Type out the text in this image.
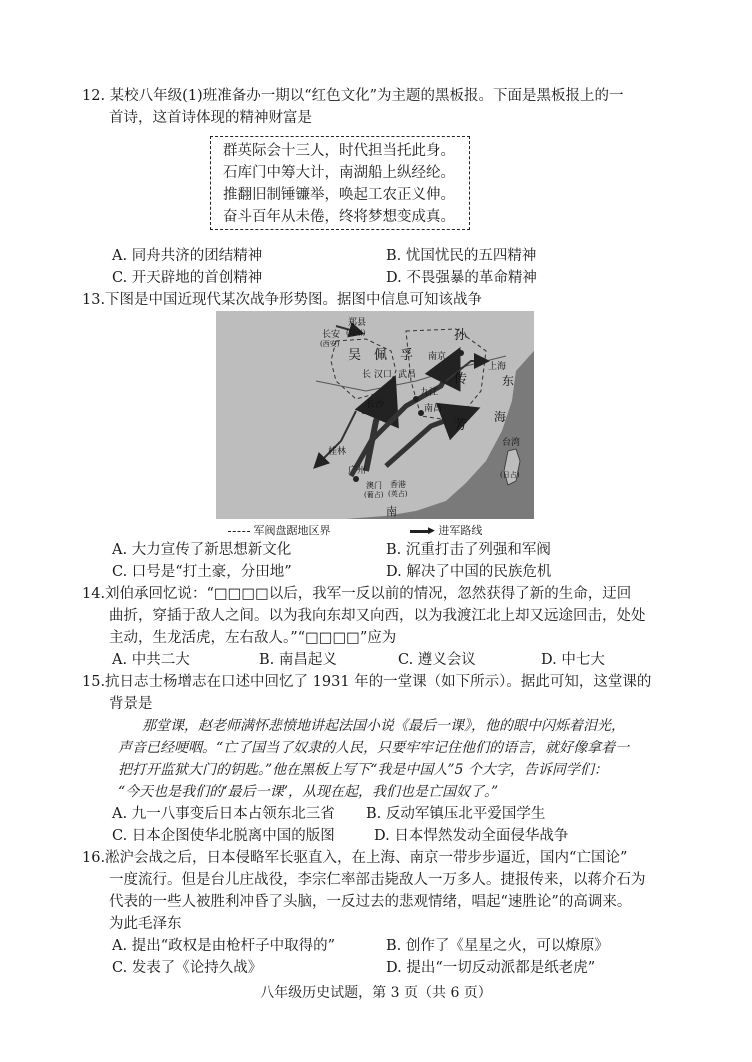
12. 某校八年级(1)班准备办一期以“红色文化”为主题的黑板报。下面是黑板报上的一
首诗，这首诗体现的精神财富是
群英际会十三人，时代担当托此身。
石库门中筹大计，南湖船上纵经纶。
推翻旧制锤镰举，唤起工农正义伸。
奋斗百年从未倦，终将梦想变成真。
A. 同舟共济的团结精神	B. 忧国忧民的五四精神
C. 开天辟地的首创精神	D. 不畏强暴的革命精神
13.下图是中国近现代某次战争形势图。据图中信息可知该战争
郑县
(郑州)
长安
(西安)
吴 佩 孚
孙
传
芳
南京
上海
长 汉口 武昌
九江
长沙	南昌
桂林
广州
澳门
(葡占)
香港
(英占)
台湾
(日占)
东
海
南
军阀盘踞地区界	▶ 进军路线
A. 大力宣传了新思想新文化	B. 沉重打击了列强和军阀
C. 口号是“打土豪，分田地”	D. 解决了中国的民族危机
14.刘伯承回忆说：“□□□□以后，我军一反以前的情况，忽然获得了新的生命，迂回
曲折，穿插于敌人之间。以为我向东却又向西，以为我渡江北上却又远途回击，处处
主动，生龙活虎，左右敌人。”“□□□□”应为
A. 中共二大	B. 南昌起义	C. 遵义会议	D. 中七大
15.抗日志士杨增志在口述中回忆了 1931 年的一堂课（如下所示）。据此可知，这堂课的
背景是
那堂课，赵老师满怀悲愤地讲起法国小说《最后一课》，他的眼中闪烁着泪光，
声音已经哽咽。“亡了国当了奴隶的人民，只要牢牢记住他们的语言，就好像拿着一
把打开监狱大门的钥匙。”他在黑板上写下“我是中国人”5 个大字，告诉同学们：
“今天也是我们的‘最后一课’，从现在起，我们也是亡国奴了。”
A. 九一八事变后日本占领东北三省 B. 反动军镇压北平爱国学生
C. 日本企图使华北脱离中国的版图	D. 日本悍然发动全面侵华战争
16.淞沪会战之后，日本侵略军长驱直入，在上海、南京一带步步逼近，国内“亡国论”
一度流行。但是台儿庄战役，李宗仁率部击毙敌人一万多人。捷报传来，以蒋介石为
代表的一些人被胜利冲昏了头脑，一反过去的悲观情绪，唱起“速胜论”的高调来。
为此毛泽东
A. 提出“政权是由枪杆子中取得的”	B. 创作了《星星之火，可以燎原》
C. 发表了《论持久战》	D. 提出“一切反动派都是纸老虎”
八年级历史试题，第 3 页（共 6 页）
